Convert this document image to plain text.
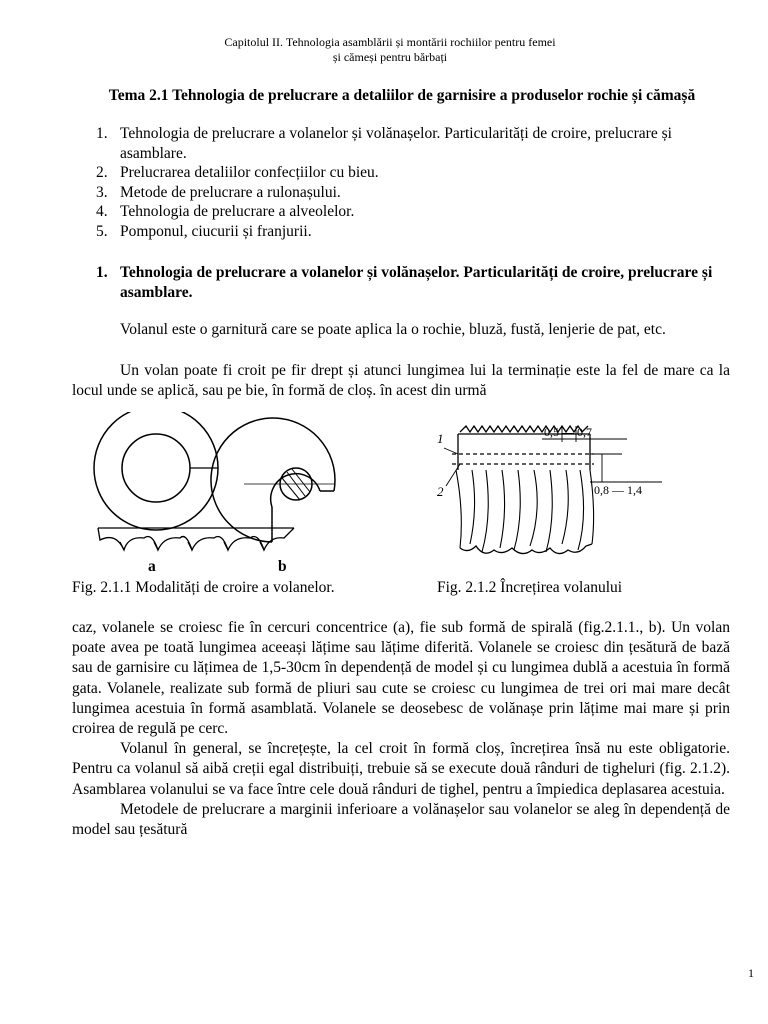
Capitolul II. Tehnologia asamblării și montării rochiilor pentru femei
și cămeși pentru bărbați
Tema 2.1 Tehnologia de prelucrare a detaliilor de garnisire a produselor rochie și cămașă
1. Tehnologia de prelucrare a volanelor și volănașelor. Particularități de croire, prelucrare și asamblare.
2. Prelucrarea detaliilor confecțiilor cu bieu.
3. Metode de prelucrare a rulonașului.
4. Tehnologia de prelucrare a alveolelor.
5. Pomponul, ciucurii și franjurii.
1. Tehnologia de prelucrare a volanelor și volănașelor. Particularități de croire, prelucrare și asamblare.
Volanul este o garnitură care se poate aplica la o rochie, bluză, fustă, lenjerie de pat, etc.
Un volan poate fi croit pe fir drept și atunci lungimea lui la terminație este la fel de mare ca la locul unde se aplică, sau pe bie, în formă de cloș. în acest din urmă
1
2
0,5 — 0,7
0,8 — 1,4
a	b
Fig. 2.1.1 Modalități de croire a volanelor.	Fig. 2.1.2 Încrețirea volanului

caz, volanele se croiesc fie în cercuri concentrice (a), fie sub formă de spirală (fig.2.1.1., b). Un volan poate avea pe toată lungimea aceeași lățime sau lățime diferită. Volanele se croiesc din țesătură de bază sau de garnisire cu lățimea de 1,5-30cm în dependență de model și cu lungimea dublă a acestuia în formă gata. Volanele, realizate sub formă de pliuri sau cute se croiesc cu lungimea de trei ori mai mare decât lungimea acestuia în formă asamblată. Volanele se deosebesc de volănașe prin lățime mai mare și prin croirea de regulă pe cerc.

Volanul în general, se încrețește, la cel croit în formă cloș, încrețirea însă nu este obligatorie. Pentru ca volanul să aibă creții egal distribuiți, trebuie să se execute două rânduri de tigheluri (fig. 2.1.2). Asamblarea volanului se va face între cele două rânduri de tighel, pentru a împiedica deplasarea acestuia.

Metodele de prelucrare a marginii inferioare a volănașelor sau volanelor se aleg în dependență de model sau țesătură

1
